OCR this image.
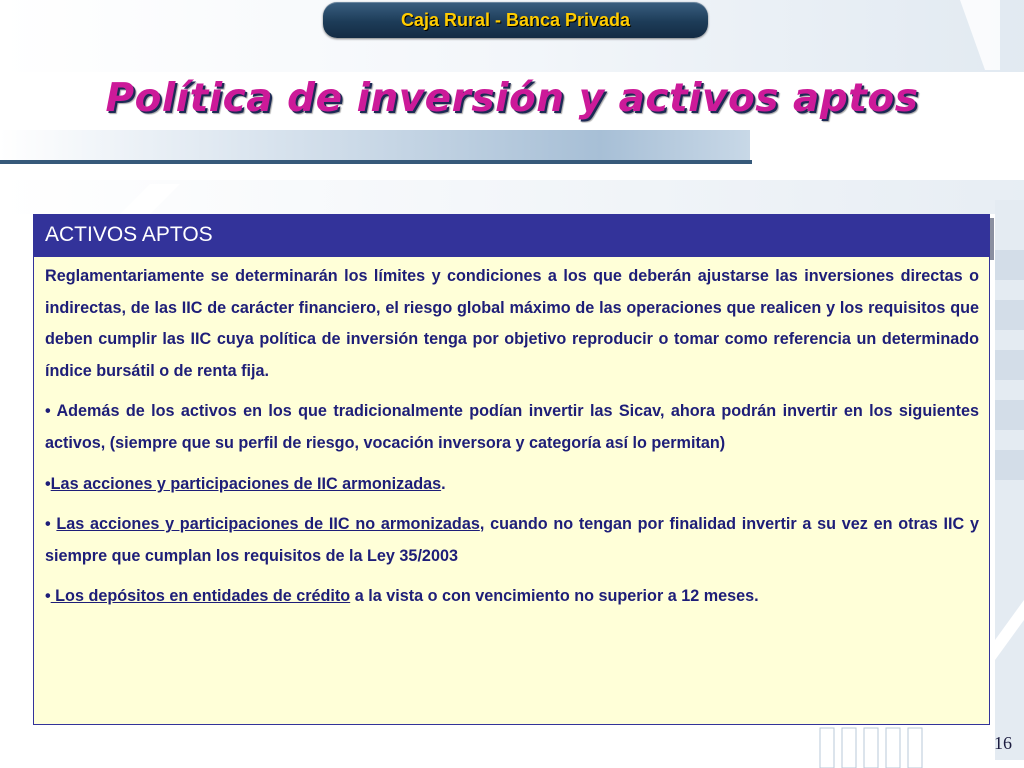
Caja Rural - Banca Privada
Política de inversión y activos aptos
ACTIVOS APTOS

Reglamentariamente se determinarán los límites y condiciones a los que deberán ajustarse las inversiones directas o indirectas, de las IIC de carácter financiero, el riesgo global máximo de las operaciones que realicen y los requisitos que deben cumplir las IIC cuya política de inversión tenga por objetivo reproducir o tomar como referencia un determinado índice bursátil o de renta fija.

• Además de los activos en los que tradicionalmente podían invertir las Sicav, ahora podrán invertir en los siguientes activos, (siempre que su perfil de riesgo, vocación inversora y categoría así lo permitan)

•Las acciones y participaciones de IIC armonizadas.

• Las acciones y participaciones de IIC no armonizadas, cuando no tengan por finalidad invertir a su vez en otras IIC y siempre que cumplan los requisitos de la Ley 35/2003

• Los depósitos en entidades de crédito a la vista o con vencimiento no superior a 12 meses.

16
